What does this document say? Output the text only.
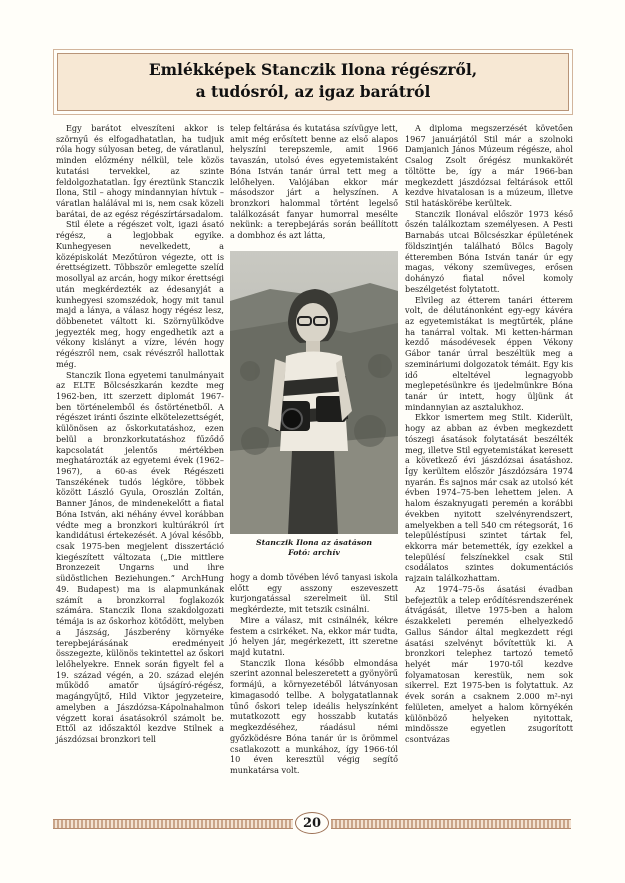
Emlékképek Stanczik Ilona régészről,
a tudósról, az igaz barátról

Egy barátot elveszíteni akkor is szörnyű és elfogadhatatlan, ha tudjuk róla hogy súlyosan beteg, de váratlanul, minden előzmény nélkül, tele közös kutatási tervekkel, az szinte feldolgozhatatlan. Így éreztünk Stanczik Ilona, Stil – ahogy mindannyian hívtuk – váratlan halálával mi is, nem csak közeli barátai, de az egész régészírtársadalom.

Stil élete a régészet volt, igazi ásató régész, a legjobbak egyike. Kunhegyesen nevelkedett, a középiskolát Mezőtúron végezte, ott is érettségizett. Többször emlegette szelíd mosollyal az arcán, hogy mikor érettségi után megkérdezték az édesanyját a kunhegyesi szomszédok, hogy mit tanul majd a lánya, a válasz hogy régész lesz, döbbenetet váltott ki. Szörnyülködve jegyezték meg, hogy engedhetik azt a vékony kislányt a vízre, lévén hogy régészről nem, csak révészről hallottak még.

Stanczik Ilona egyetemi tanulmányait az ELTE Bölcsészkarán kezdte meg 1962-ben, itt szerzett diplomát 1967-ben történelemből és őstörténetből. A régészet iránti őszinte elkötelezettségét, különösen az őskorkutatáshoz, ezen belül a bronzkorkutatáshoz fűződő kapcsolatát jelentős mértékben meghatározták az egyetemi évek (1962–1967), a 60-as évek Régészeti Tanszékének tudós légköre, többek között László Gyula, Oroszlán Zoltán, Banner János, de mindenekelőtt a fiatal Bóna István, aki néhány évvel korábban védte meg a bronzkori kultúrákról írt kandidátusi értekezését. A jóval később, csak 1975-ben megjelent disszertáció kiegészített változata („Die mittlere Bronzezeit Ungarns und ihre südöstlichen Beziehungen.” ArchHung 49. Budapest) ma is alapmunkának számít a bronzkorral foglakozók számára. Stanczik Ilona szakdolgozati témája is az őskorhoz kötődött, melyben a Jászság, Jászberény környéke terepbejárásának eredményeit összegezte, különös tekintettel az őskori lelőhelyekre. Ennek során figyelt fel a 19. század végén, a 20. század elején működő amatőr újságíró-régész, magángyűjtő, Hild Viktor jegyzeteire, amelyben a Jászdózsa-Kápolnahalmon végzett korai ásatásokról számolt be. Ettől az időszaktól kezdve Stilnek a jászdózsai bronzkori tell

telep feltárása és kutatása szívügye lett, amit még erősített benne az első alapos helyszíni terepszemle, amit 1966 tavaszán, utolsó éves egyetemistaként Bóna István tanár úrral tett meg a lelőhelyen. Valójában ekkor már másodszor járt a helyszínen. A bronzkori halommal történt legelső találkozását fanyar humorral mesélte nekünk: a terepbejárás során beállított a dombhoz és azt látta,

Stanczik Ilona az ásatáson
Fotó: archív

hogy a domb tövében lévő tanyasi iskola előtt egy asszony eszeveszett kurjongatással szerelmeit ül. Stil megkérdezte, mit tetszik csinálni.

Mire a válasz, mit csinálnék, kékre festem a csirkéket. Na, ekkor már tudta, jó helyen jár, megérkezett, itt szeretne majd kutatni.

Stanczik Ilona később elmondása szerint azonnal beleszeretett a gyönyörű formájú, a környezetéből látványosan kimagasodó tellbe. A bolygatatlannak tűnő őskori telep ideális helyszínként mutatkozott egy hosszabb kutatás megkezdéséhez, ráadásul némi győzködésre Bóna tanár úr is örömmel csatlakozott a munkához, így 1966-tól 10 éven keresztül végig segítő munkatársa volt.

A diploma megszerzését követően 1967 januárjától Stil már a szolnoki Damjanich János Múzeum régésze, ahol Csalog Zsolt őrégész munkakörét töltötte be, így a már 1966-ban megkezdett jászdózsai feltárások ettől kezdve hivatalosan is a múzeum, illetve Stil hatáskörébe kerültek.

Stanczik Ilonával először 1973 késő őszén találkoztam személyesen. A Pesti Barnabás utcai Bölcsészkar épületének földszintjén található Bölcs Bagoly étteremben Bóna István tanár úr egy magas, vékony szemüveges, erősen dohányzó fiatal nővel komoly beszélgetést folytatott.

Elvileg az étterem tanári étterem volt, de délutánonként egy-egy kávéra az egyetemistákat is megtűrték, pláne ha tanárral voltak. Mi ketten-hárman kezdő másodévesek éppen Vékony Gábor tanár úrral beszéltük meg a szemináriumi dolgozatok témáit. Egy kis idő elteltével legnagyobb meglepetésünkre és ijedelmünkre Bóna tanár úr intett, hogy üljünk át mindannyian az asztalukhoz.

Ekkor ismertem meg Stilt. Kiderült, hogy az abban az évben megkezdett tószegi ásatások folytatását beszélték meg, illetve Stil egyetemistákat keresett a következő évi jászdózsai ásatáshoz. Így kerültem először Jászdózsára 1974 nyarán. És sajnos már csak az utolsó két évben 1974–75-ben lehettem jelen. A halom északnyugati peremén a korábbi években nyitott szelvényrendszert, amelyekben a tell 540 cm rétegsorát, 16 településtípusi szintet tártak fel, ekkorra már betemették, így ezekkel a településí felszínekkel csak Stil csodálatos szintes dokumentációs rajzain találkozhattam.

Az 1974–75-ös ásatási évadban befejeztük a telep erődítésrendszerének átvágását, illetve 1975-ben a halom északkeleti peremén elhelyezkedő Gallus Sándor által megkezdett régi ásatási szelvényt bővítettük ki. A bronzkori telephez tartozó temető helyét már 1970-től kezdve folyamatosan kerestük, nem sok sikerrel. Ezt 1975-ben is folytattuk. Az évek során a csaknem 2.000 m²-nyi felületen, amelyet a halom környékén különböző helyeken nyitottak, mindössze egyetlen zsugorított csontvázas

20
